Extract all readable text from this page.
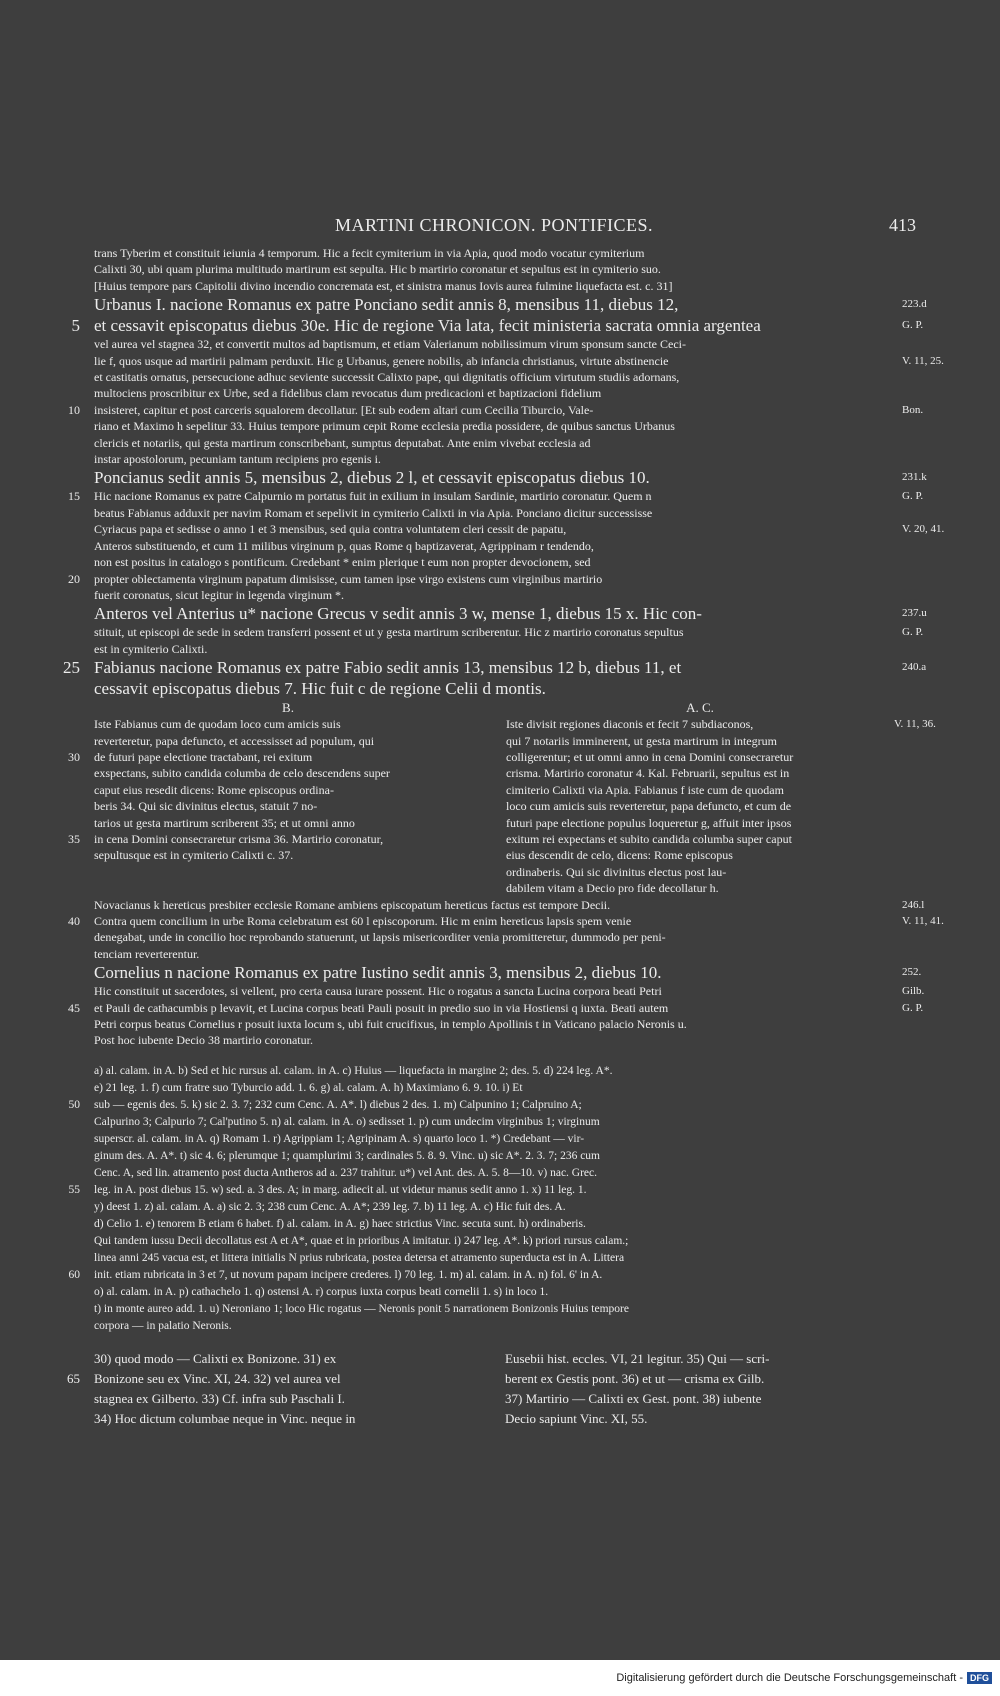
MARTINI CHRONICON. PONTIFICES.	413
trans Tyberim et constituit ieiunia 4 temporum. Hic a fecit cymiterium in via Apia, quod modo vocatur cymiterium
Calixti 30, ubi quam plurima multitudo martirum est sepulta. Hic b martirio coronatur et sepultus est in cymiterio suo.
[Huius tempore pars Capitolii divino incendio concremata est, et sinistra manus Iovis aurea fulmine liquefacta est. c. 31]
Urbanus I. nacione Romanus ex patre Ponciano sedit annis 8, mensibus 11, diebus 12,	223.d
5 et cessavit episcopatus diebus 30e. Hic de regione Via lata, fecit ministeria sacrata omnia argentea	G. P.
vel aurea vel stagnea 32, et convertit multos ad baptismum, et etiam Valerianum nobilissimum virum sponsum sancte Ceci-
lie f, quos usque ad martirii palmam perduxit. Hic g Urbanus, genere nobilis, ab infancia christianus, virtute abstinencie	V. 11, 25.
et castitatis ornatus, persecucione adhuc seviente successit Calixto pape, qui dignitatis officium virtutum studiis adornans,
multociens proscribitur ex Urbe, sed a fidelibus clam revocatus dum predicacioni et baptizacioni fidelium
10 insisteret, capitur et post carceris squalorem decollatur. [Et sub eodem altari cum Cecilia Tiburcio, Vale-	Bon.
riano et Maximo h sepelitur 33. Huius tempore primum cepit Rome ecclesia predia possidere, de quibus sanctus Urbanus
clericis et notariis, qui gesta martirum conscribebant, sumptus deputabat. Ante enim vivebat ecclesia ad
instar apostolorum, pecuniam tantum recipiens pro egenis i.
Poncianus sedit annis 5, mensibus 2, diebus 2 l, et cessavit episcopatus diebus 10.	231.k
15 Hic nacione Romanus ex patre Calpurnio m portatus fuit in exilium in insulam Sardinie, martirio coronatur. Quem n	G. P.
beatus Fabianus adduxit per navim Romam et sepelivit in cymiterio Calixti in via Apia. Ponciano dicitur successisse
Cyriacus papa et sedisse o anno 1 et 3 mensibus, sed quia contra voluntatem cleri cessit de papatu,	V. 20, 41.
Anteros substituendo, et cum 11 milibus virginum p, quas Rome q baptizaverat, Agrippinam r tendendo,
non est positus in catalogo s pontificum. Credebant * enim plerique t eum non propter devocionem, sed
20 propter oblectamenta virginum papatum dimisisse, cum tamen ipse virgo existens cum virginibus martirio
fuerit coronatus, sicut legitur in legenda virginum *.
Anteros vel Anterius u* nacione Grecus v sedit annis 3 w, mense 1, diebus 15 x. Hic con-	237.u
stituit, ut episcopi de sede in sedem transferri possent et ut y gesta martirum scriberentur. Hic z martirio coronatus sepultus	G. P.
est in cymiterio Calixti.
25 Fabianus nacione Romanus ex patre Fabio sedit annis 13, mensibus 12 b, diebus 11, et	240.a
cessavit episcopatus diebus 7. Hic fuit c de regione Celii d montis.
B.
Iste Fabianus cum de quodam loco cum amicis suis
reverteretur, papa defuncto, et accessisset ad populum, qui
30 de futuri pape electione tractabant, rei exitum
exspectans, subito candida columba de celo descendens super
caput eius resedit dicens: Rome episcopus ordina-
beris 34. Qui sic divinitus electus, statuit 7 no-
tarios ut gesta martirum scriberent 35; et ut omni anno
35 in cena Domini consecraretur crisma 36. Martirio coronatur,
sepultusque est in cymiterio Calixti c. 37.
A. C.
Iste divisit regiones diaconis et fecit 7 subdiaconos,	V. 11, 36.
qui 7 notariis imminerent, ut gesta martirum in integrum
colligerentur; et ut omni anno in cena Domini consecraretur
crisma. Martirio coronatur 4. Kal. Februarii, sepultus est in
cimiterio Calixti via Apia. Fabianus f iste cum de quodam
loco cum amicis suis reverteretur, papa defuncto, et cum de
futuri pape electione populus loqueretur g, affuit inter ipsos
exitum rei expectans et subito candida columba super caput
eius descendit de celo, dicens: Rome episcopus
ordinaberis. Qui sic divinitus electus post lau-
dabilem vitam a Decio pro fide decollatur h.
Novacianus k hereticus presbiter ecclesie Romane ambiens episcopatum hereticus factus est tempore Decii.	246.l
40 Contra quem concilium in urbe Roma celebratum est 60 l episcoporum. Hic m enim hereticus lapsis spem venie	V. 11, 41.
denegabat, unde in concilio hoc reprobando statuerunt, ut lapsis misericorditer venia promitteretur, dummodo per peni-
tenciam reverterentur.
Cornelius n nacione Romanus ex patre Iustino sedit annis 3, mensibus 2, diebus 10.	252.
Hic constituit ut sacerdotes, si vellent, pro certa causa iurare possent. Hic o rogatus a sancta Lucina corpora beati Petri	Gilb.
45 et Pauli de cathacumbis p levavit, et Lucina corpus beati Pauli posuit in predio suo in via Hostiensi q iuxta. Beati autem	G. P.
Petri corpus beatus Cornelius r posuit iuxta locum s, ubi fuit crucifixus, in templo Apollinis t in Vaticano palacio Neronis u.
Post hoc iubente Decio 38 martirio coronatur.
a) al. calam. in A. b) Sed et hic rursus al. calam. in A. c) Huius — liquefacta in margine 2; des. 5. d) 224 leg. A*.
e) 21 leg. 1. f) cum fratre suo Tyburcio add. 1. 6. g) al. calam. A. h) Maximiano 6. 9. 10. i) Et
50 sub — egenis des. 5. k) sic 2. 3. 7; 232 cum Cenc. A. A*. l) diebus 2 des. 1. m) Calpunino 1; Calpruino A;
Calpurino 3; Calpurio 7; Cal'putino 5. n) al. calam. in A. o) sedisset 1. p) cum undecim virginibus 1; virginum
superscr. al. calam. in A. q) Romam 1. r) Agrippiam 1; Agripinam A. s) quarto loco 1. *) Credebant — vir-
ginum des. A. A*. t) sic 4. 6; plerumque 1; quamplurimi 3; cardinales 5. 8. 9. Vinc. u) sic A*. 2. 3. 7; 236 cum
Cenc. A, sed lin. atramento post ducta Antheros ad a. 237 trahitur. u*) vel Ant. des. A. 5. 8—10. v) nac. Grec.
55 leg. in A. post diebus 15. w) sed. a. 3 des. A; in marg. adiecit al. ut videtur manus sedit anno 1. x) 11 leg. 1.
y) deest 1. z) al. calam. A. a) sic 2. 3; 238 cum Cenc. A. A*; 239 leg. 7. b) 11 leg. A. c) Hic fuit des. A.
d) Celio 1. e) tenorem B etiam 6 habet. f) al. calam. in A. g) haec strictius Vinc. secuta sunt. h) ordinaberis.
Qui tandem iussu Decii decollatus est A et A*, quae et in prioribus A imitatur. i) 247 leg. A*. k) priori rursus calam.;
linea anni 245 vacua est, et littera initialis N prius rubricata, postea detersa et atramento superducta est in A. Littera
60 init. etiam rubricata in 3 et 7, ut novum papam incipere crederes. l) 70 leg. 1. m) al. calam. in A. n) fol. 6' in A.
o) al. calam. in A. p) cathachelo 1. q) ostensi A. r) corpus iuxta corpus beati cornelii 1. s) in loco 1.
t) in monte aureo add. 1. u) Neroniano 1; loco Hic rogatus — Neronis ponit 5 narrationem Bonizonis Huius tempore
corpora — in palatio Neronis.
30) quod modo — Calixti ex Bonizone. 31) ex
65 Bonizone seu ex Vinc. XI, 24. 32) vel aurea vel
stagnea ex Gilberto. 33) Cf. infra sub Paschali I.
34) Hoc dictum columbae neque in Vinc. neque in
Eusebii hist. eccles. VI, 21 legitur. 35) Qui — scri-
berent ex Gestis pont. 36) et ut — crisma ex Gilb.
37) Martirio — Calixti ex Gest. pont. 38) iubente
Decio sapiunt Vinc. XI, 55.
Digitalisierung gefördert durch die Deutsche Forschungsgemeinschaft - DFG
